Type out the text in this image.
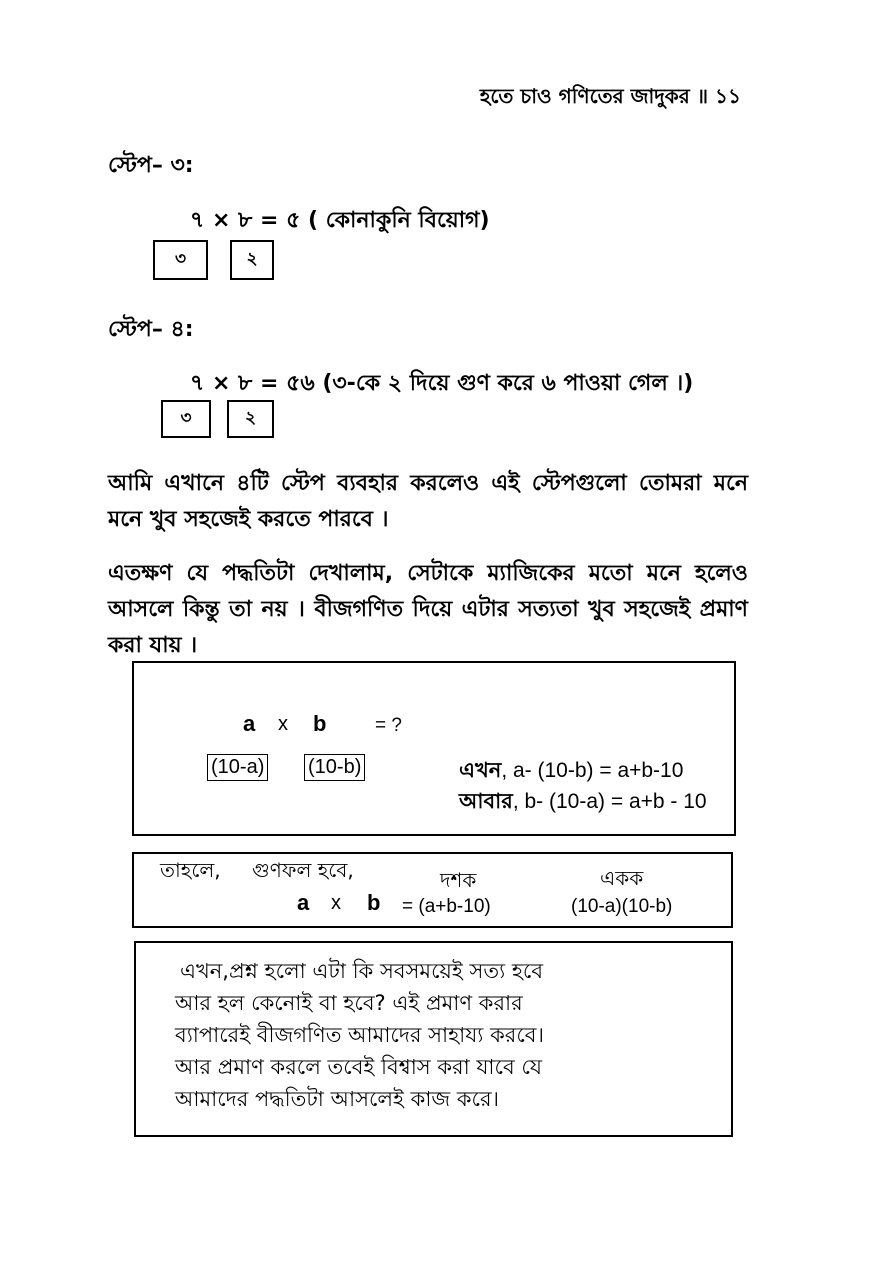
হতে চাও গণিতের জাদুকর ॥ ১১
স্টেপ– ৩:
৭ × ৮ = ৫ ( কোনাকুনি বিয়োগ)
৩	২
স্টেপ– ৪:
৭ × ৮ = ৫৬ (৩-কে ২ দিয়ে গুণ করে ৬ পাওয়া গেল ।)
৩	২
আমি এখানে ৪টি স্টেপ ব্যবহার করলেও এই স্টেপগুলো তোমরা মনে মনে খুব সহজেই করতে পারবে ।
এতক্ষণ যে পদ্ধতিটা দেখালাম, সেটাকে ম্যাজিকের মতো মনে হলেও আসলে কিন্তু তা নয় । বীজগণিত দিয়ে এটার সত্যতা খুব সহজেই প্রমাণ করা যায় ।
a x b	= ?
(10-a) (10-b)	এখন, a- (10-b) = a+b-10
আবার, b- (10-a) = a+b - 10
তাহলে, গুণফল হবে,	দশক	একক
a x b = (a+b-10)	(10-a)(10-b)
এখন,প্রশ্ন হলো এটা কি সবসময়েই সত্য হবে
আর হল কেনোই বা হবে? এই প্রমাণ করার
ব্যাপারেই বীজগণিত আমাদের সাহায্য করবে।
আর প্রমাণ করলে তবেই বিশ্বাস করা যাবে যে
আমাদের পদ্ধতিটা আসলেই কাজ করে।
